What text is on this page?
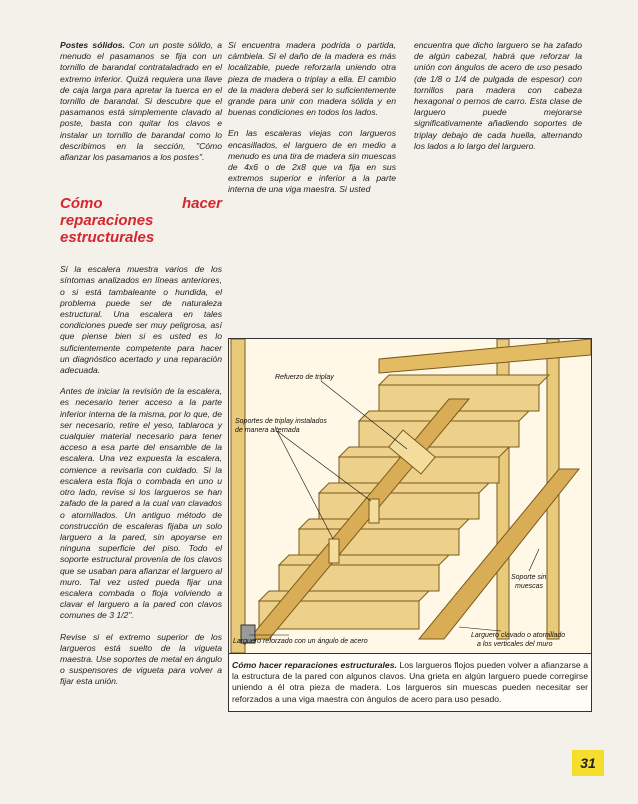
Postes sólidos. Con un poste sólido, a menudo el pasamanos se fija con un tornillo de barandal contrataladrado en el extremo inferior. Quizá requiera una llave de caja larga para apretar la tuerca en el tornillo de barandal. Si descubre que el pasamanos está simplemente clavado al poste, basta con quitar los clavos e instalar un tornillo de barandal como lo describimos en la sección, "Cómo afianzar los pasamanos a los postes".

Cómo hacer reparaciones estructurales

Si la escalera muestra varios de los síntomas analizados en líneas anteriores, o si está tambaleante o hundida, el problema puede ser de naturaleza estructural. Una escalera en tales condiciones puede ser muy peligrosa, así que piense bien si es usted es lo suficientemente competente para hacer un diagnóstico acertado y una reparación adecuada.

Antes de iniciar la revisión de la escalera, es necesario tener acceso a la parte inferior interna de la misma, por lo que, de ser necesario, retire el yeso, tablaroca y cualquier material necesario para tener acceso a esa parte del ensamble de la escalera. Una vez expuesta la escalera, comience a revisarla con cuidado. Si la escalera esta floja o combada en uno u otro lado, revise si los largueros se han zafado de la pared a la cual van clavados o atornillados. Un antiguo método de construcción de escaleras fijaba un solo larguero a la pared, sin apoyarse en ninguna superficie del piso. Todo el soporte estructural provenía de los clavos que se usaban para afianzar el larguero al muro. Tal vez usted pueda fijar una escalera combada o floja volviendo a clavar el larguero a la pared con clavos comunes de 3 1/2".

Revise si el extremo superior de los largueros está suelto de la vigueta maestra. Use soportes de metal en ángulo o suspensores de vigueta para volver a fijar esta unión.

Si encuentra madera podrida o partida, cámbiela. Si el daño de la madera es más localizable, puede reforzarla uniendo otra pieza de madera o triplay a ella. El cambio de la madera deberá ser lo suficientemente grande para unir con madera sólida y en buenas condiciones en todos los lados.

En las escaleras viejas con largueros encasillados, el larguero de en medio a menudo es una tira de madera sin muescas de 4x6 o de 2x8 que va fija en sus extremos superior e inferior a la parte interna de una viga maestra. Si usted

encuentra que dicho larguero se ha zafado de algún cabezal, habrá que reforzar la unión con ángulos de acero de uso pesado (de 1/8 o 1/4 de pulgada de espesor) con tornillos para madera con cabeza hexagonal o pernos de carro. Esta clase de larguero puede mejorarse significativamente añadiendo soportes de triplay debajo de cada huella, alternando los lados a lo largo del larguero.

Refuerzo de triplay
Soportes de triplay instalados
de manera alternada
Soporte sin
muescas
Larguero reforzado con un ángulo de acero
Larguero clavado o atornillado
a los verticales del muro
Cómo hacer reparaciones estructurales. Los largueros flojos pueden volver a afianzarse a la estructura de la pared con algunos clavos. Una grieta en algún larguero puede corregirse uniendo a él otra pieza de madera. Los largueros sin muescas pueden necesitar ser reforzados a una viga maestra con ángulos de acero para uso pesado.
31
